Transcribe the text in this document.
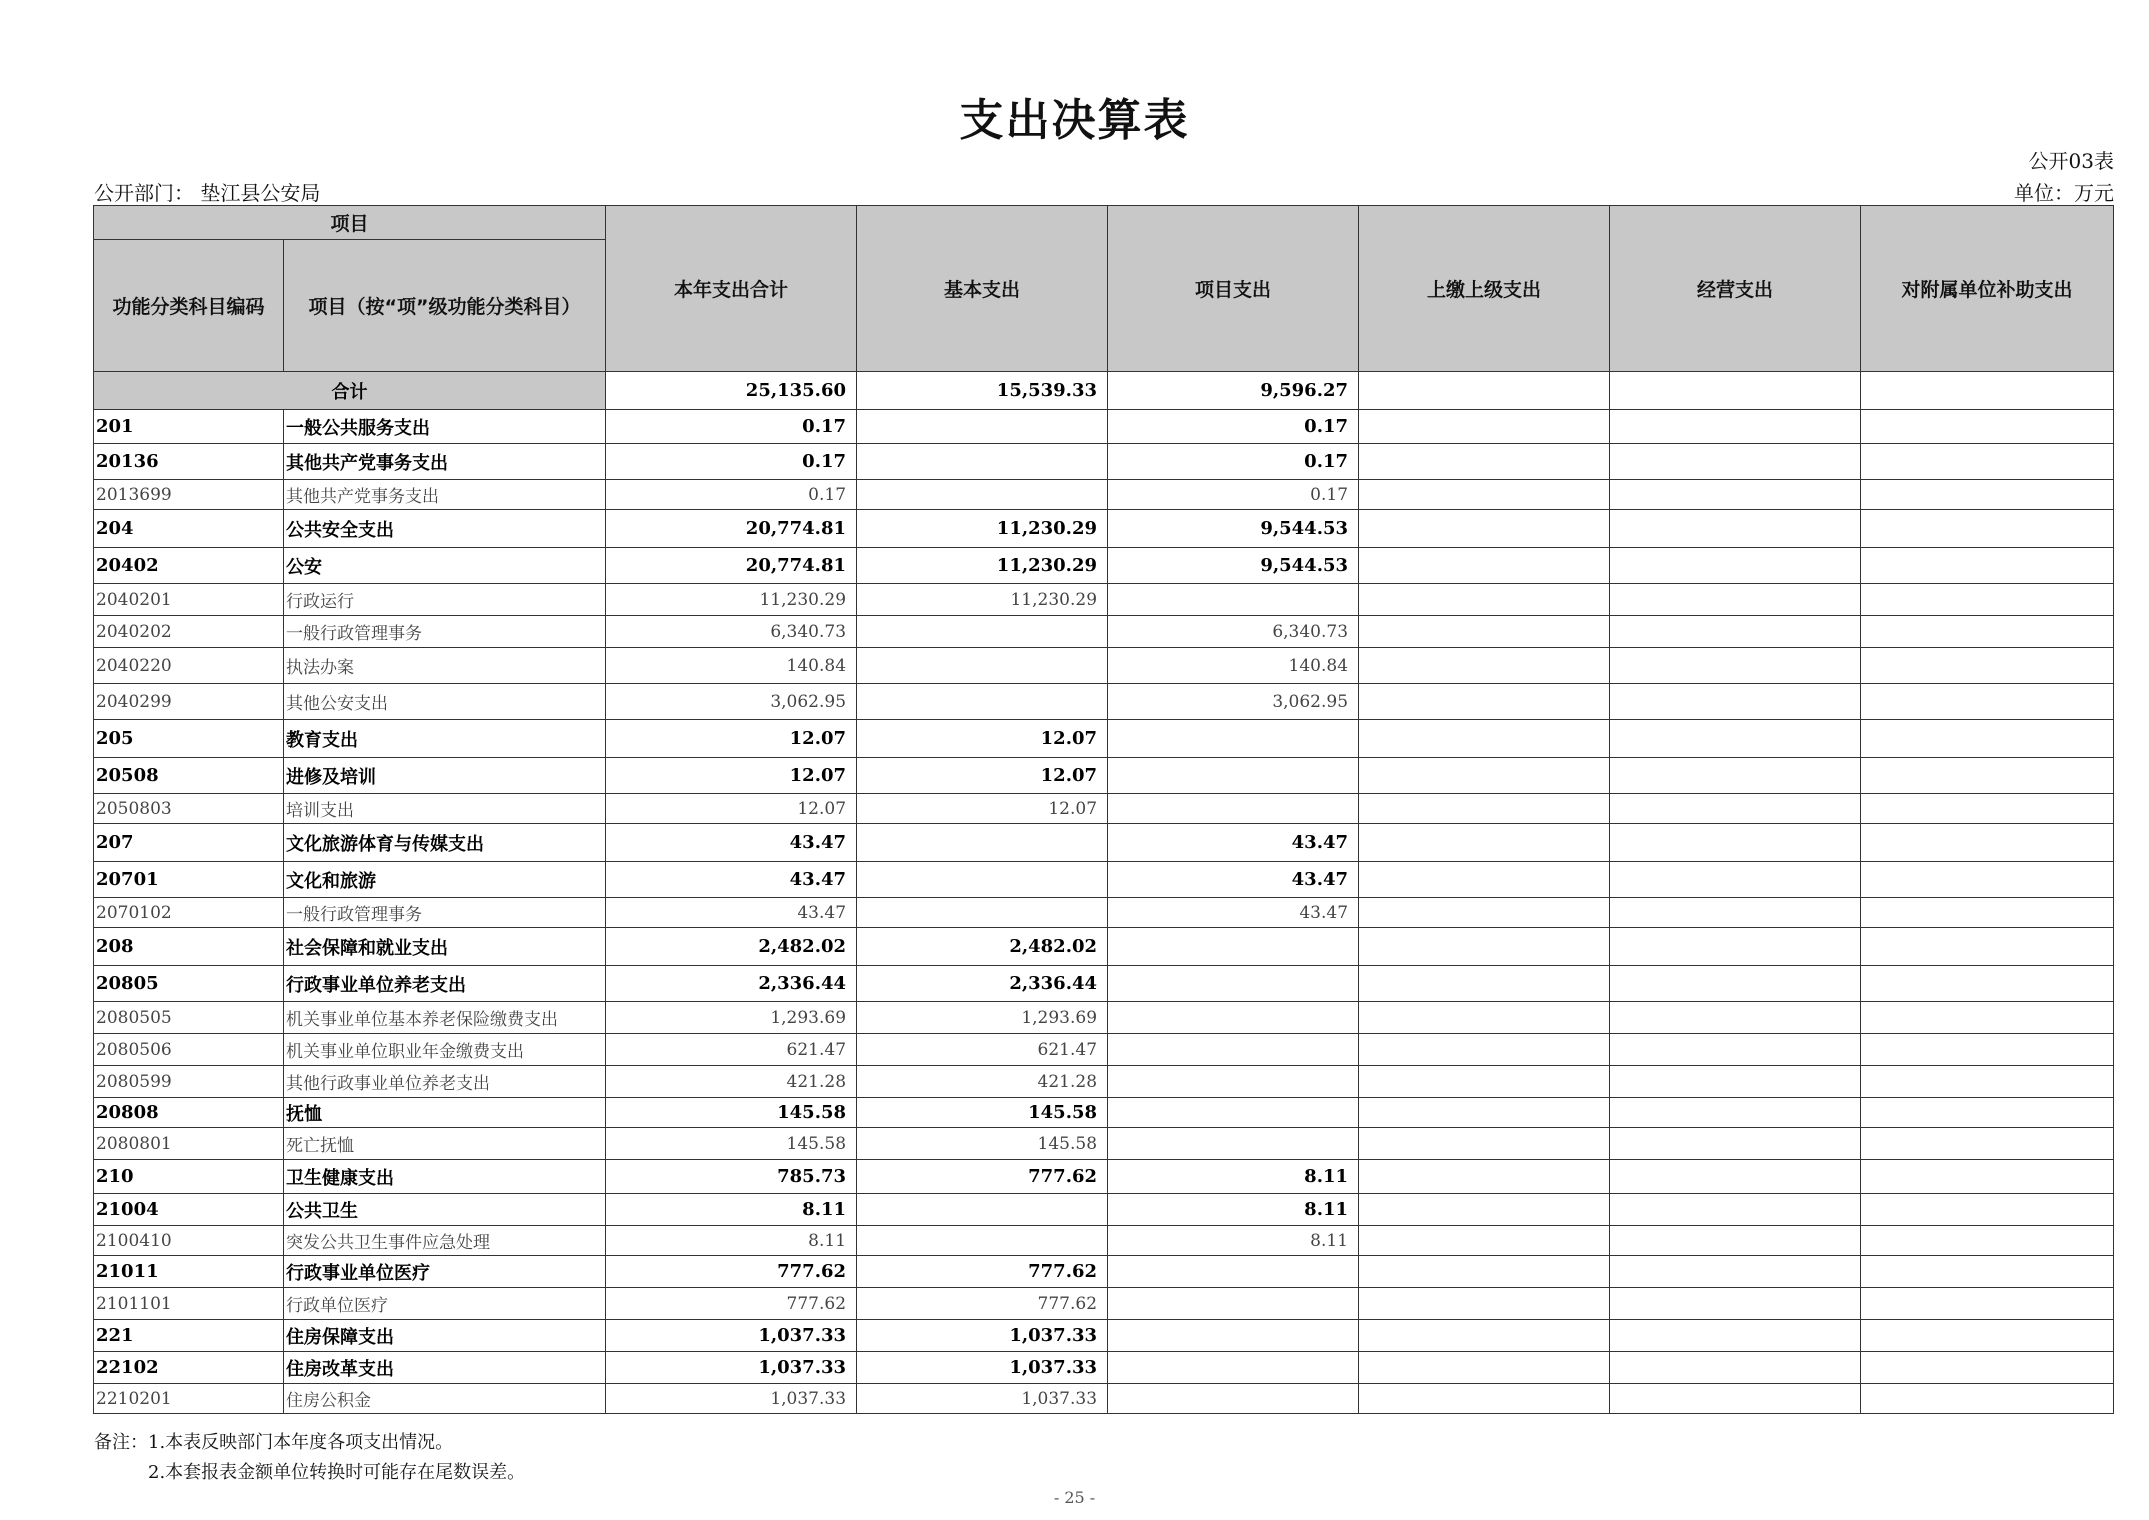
支出决算表
公开03表
公开部门： 垫江县公安局	单位：万元
项目		本年支出合计	基本支出	项目支出	上缴上级支出	经营支出	对附属单位补助支出
功能分类科目编码	项目（按“项”级功能分类科目）						
合计		25,135.60	15,539.33	9,596.27			
201	一般公共服务支出	0.17		0.17			
20136	其他共产党事务支出	0.17		0.17			
2013699	其他共产党事务支出	0.17		0.17			
204	公共安全支出	20,774.81	11,230.29	9,544.53			
20402	公安	20,774.81	11,230.29	9,544.53			
2040201	行政运行	11,230.29	11,230.29				
2040202	一般行政管理事务	6,340.73		6,340.73			
2040220	执法办案	140.84		140.84			
2040299	其他公安支出	3,062.95		3,062.95			
205	教育支出	12.07	12.07				
20508	进修及培训	12.07	12.07				
2050803	培训支出	12.07	12.07				
207	文化旅游体育与传媒支出	43.47		43.47			
20701	文化和旅游	43.47		43.47			
2070102	一般行政管理事务	43.47		43.47			
208	社会保障和就业支出	2,482.02	2,482.02				
20805	行政事业单位养老支出	2,336.44	2,336.44				
2080505	机关事业单位基本养老保险缴费支出	1,293.69	1,293.69				
2080506	机关事业单位职业年金缴费支出	621.47	621.47				
2080599	其他行政事业单位养老支出	421.28	421.28				
20808	抚恤	145.58	145.58				
2080801	死亡抚恤	145.58	145.58				
210	卫生健康支出	785.73	777.62	8.11			
21004	公共卫生	8.11		8.11			
2100410	突发公共卫生事件应急处理	8.11		8.11			
21011	行政事业单位医疗	777.62	777.62				
2101101	行政单位医疗	777.62	777.62				
221	住房保障支出	1,037.33	1,037.33				
22102	住房改革支出	1,037.33	1,037.33				
2210201	住房公积金	1,037.33	1,037.33				
备注：1.本表反映部门本年度各项支出情况。
2.本套报表金额单位转换时可能存在尾数误差。
- 25 -
